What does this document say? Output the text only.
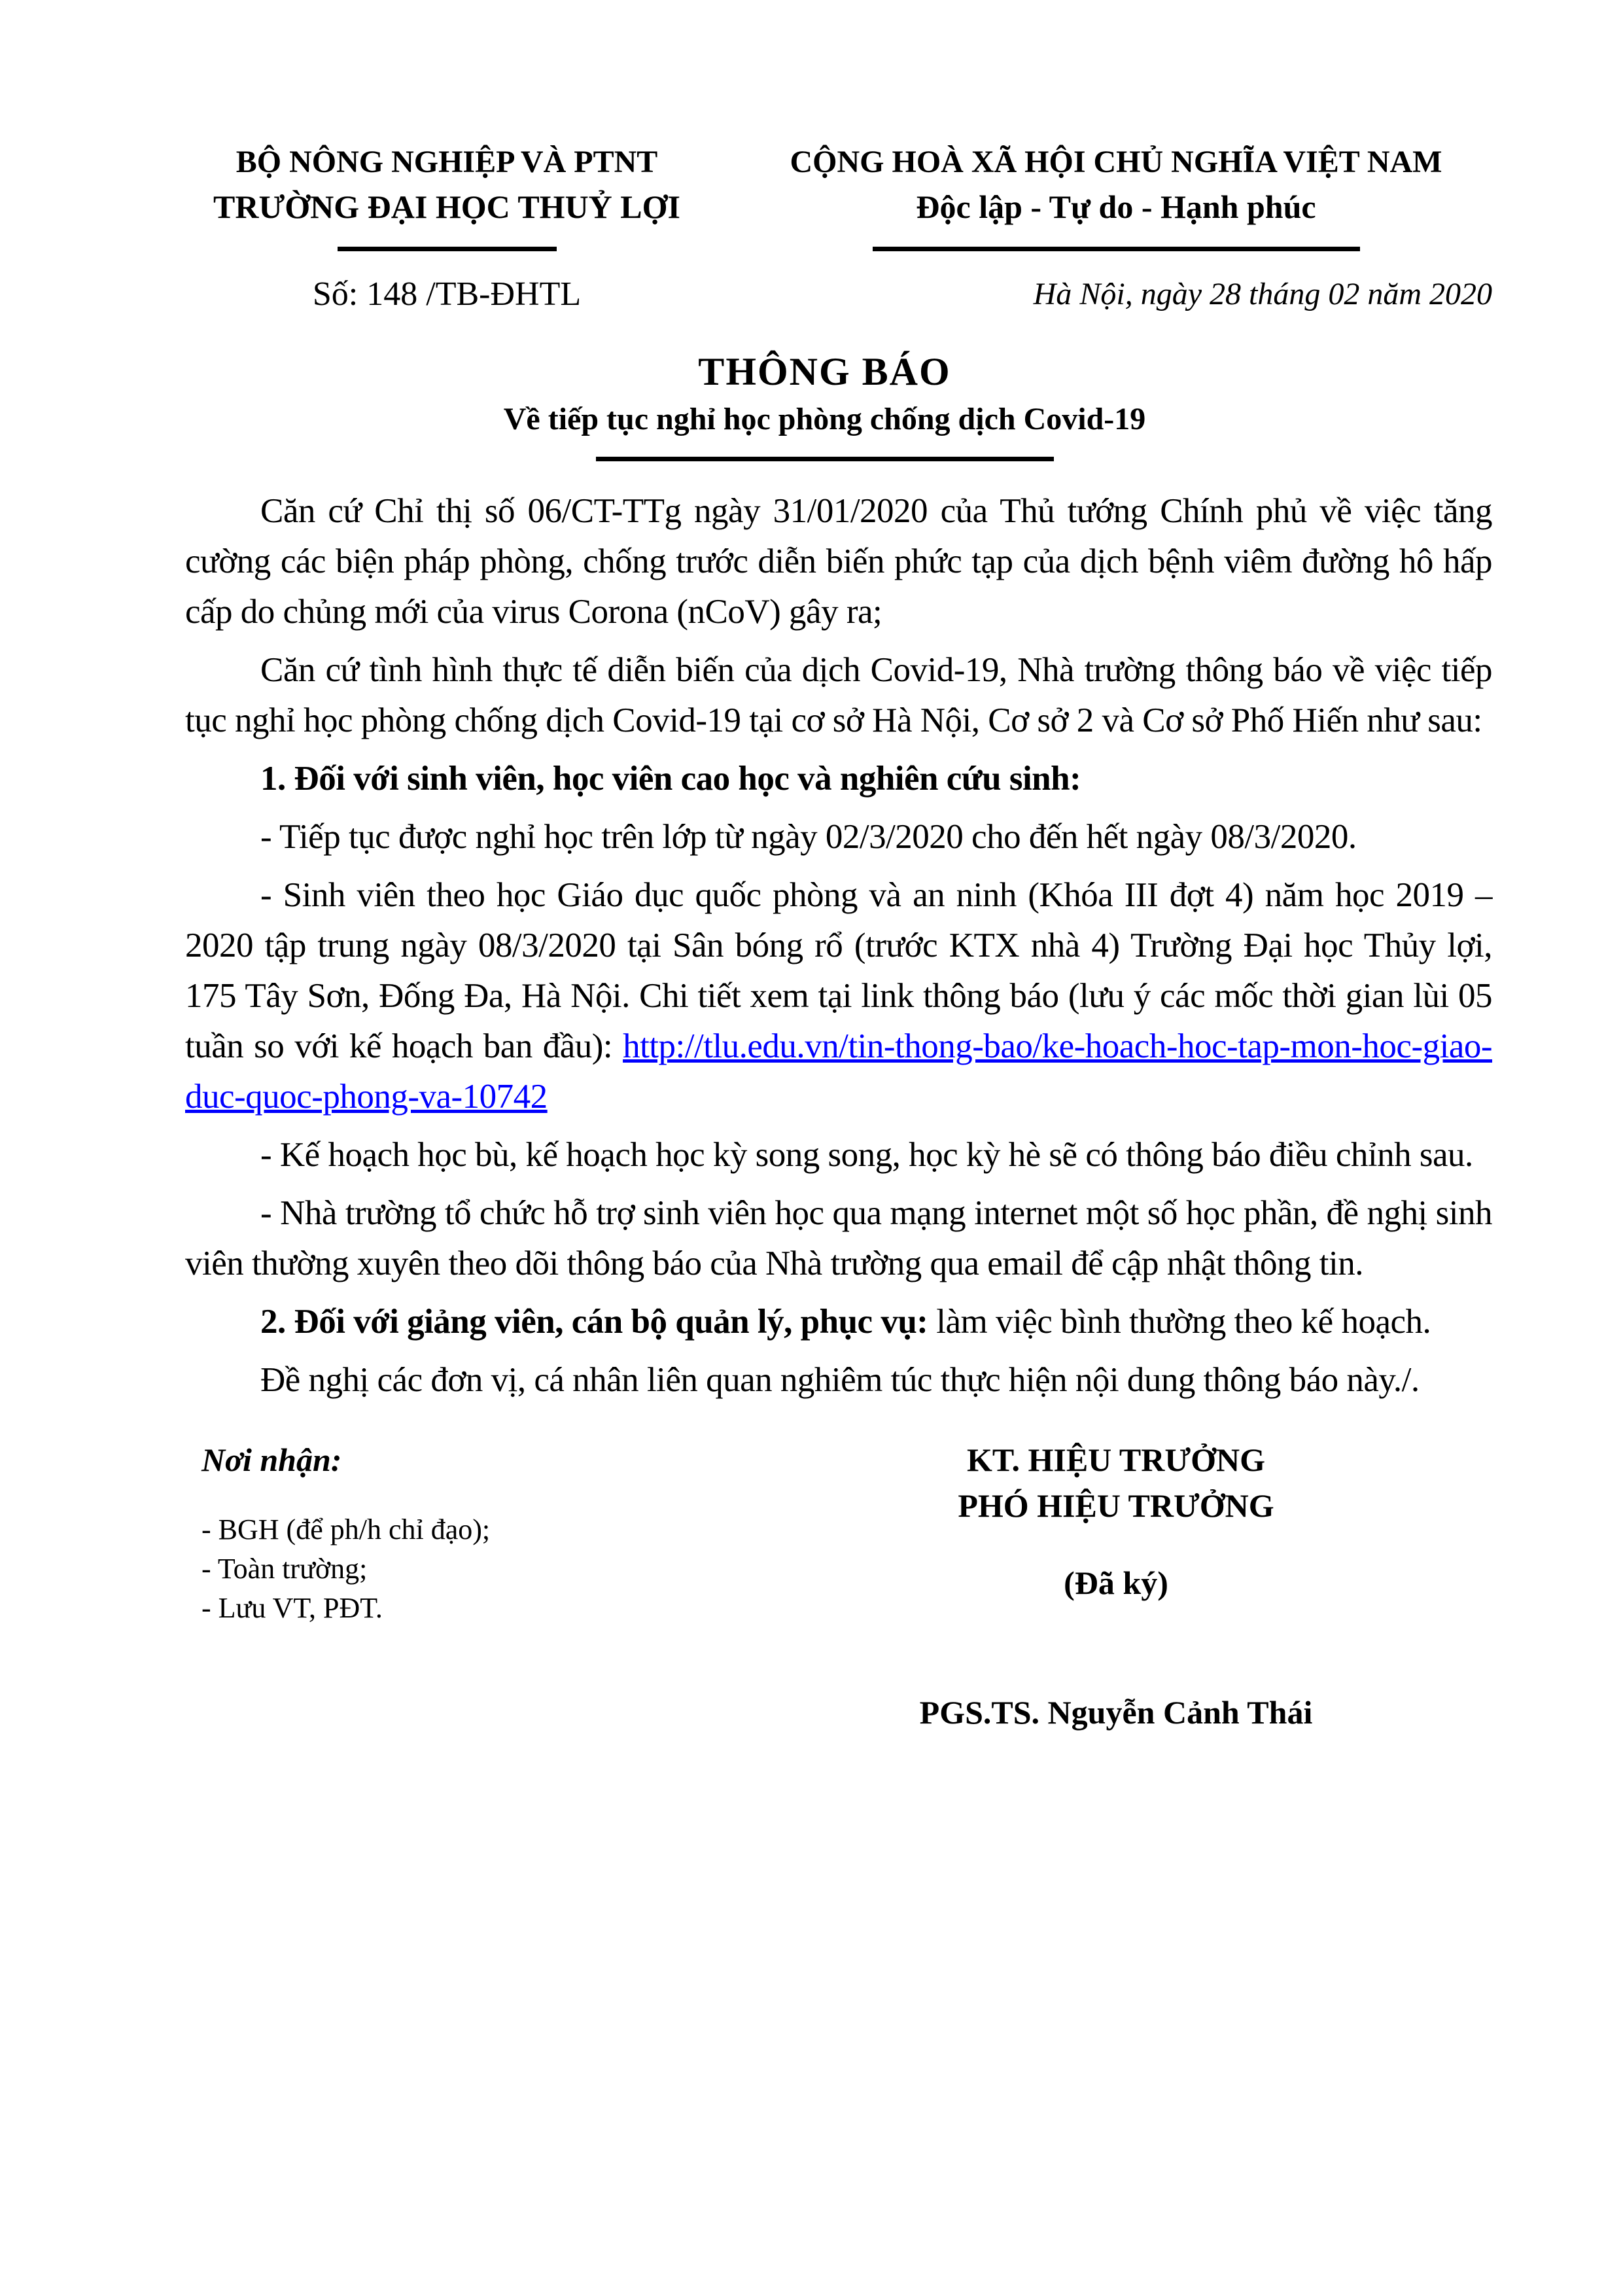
BỘ NÔNG NGHIỆP VÀ PTNT
TRƯỜNG ĐẠI HỌC THUỶ LỢI
Số: 148 /TB-ĐHTL
CỘNG HOÀ XÃ HỘI CHỦ NGHĨA VIỆT NAM
Độc lập - Tự do - Hạnh phúc
Hà Nội, ngày 28 tháng 02 năm 2020
THÔNG BÁO
Về tiếp tục nghỉ học phòng chống dịch Covid-19

Căn cứ Chỉ thị số 06/CT-TTg ngày 31/01/2020 của Thủ tướng Chính phủ về việc tăng cường các biện pháp phòng, chống trước diễn biến phức tạp của dịch bệnh viêm đường hô hấp cấp do chủng mới của virus Corona (nCoV) gây ra;

Căn cứ tình hình thực tế diễn biến của dịch Covid-19, Nhà trường thông báo về việc tiếp tục nghỉ học phòng chống dịch Covid-19 tại cơ sở Hà Nội, Cơ sở 2 và Cơ sở Phố Hiến như sau:

1. Đối với sinh viên, học viên cao học và nghiên cứu sinh:

- Tiếp tục được nghỉ học trên lớp từ ngày 02/3/2020 cho đến hết ngày 08/3/2020.

- Sinh viên theo học Giáo dục quốc phòng và an ninh (Khóa III đợt 4) năm học 2019 – 2020 tập trung ngày 08/3/2020 tại Sân bóng rổ (trước KTX nhà 4) Trường Đại học Thủy lợi, 175 Tây Sơn, Đống Đa, Hà Nội. Chi tiết xem tại link thông báo (lưu ý các mốc thời gian lùi 05 tuần so với kế hoạch ban đầu): http://tlu.edu.vn/tin-thong-bao/ke-hoach-hoc-tap-mon-hoc-giao-duc-quoc-phong-va-10742

- Kế hoạch học bù, kế hoạch học kỳ song song, học kỳ hè sẽ có thông báo điều chỉnh sau.

- Nhà trường tổ chức hỗ trợ sinh viên học qua mạng internet một số học phần, đề nghị sinh viên thường xuyên theo dõi thông báo của Nhà trường qua email để cập nhật thông tin.

2. Đối với giảng viên, cán bộ quản lý, phục vụ: làm việc bình thường theo kế hoạch.

Đề nghị các đơn vị, cá nhân liên quan nghiêm túc thực hiện nội dung thông báo này./.

Nơi nhận:
- BGH (để ph/h chỉ đạo);
- Toàn trường;
- Lưu VT, PĐT.
KT. HIỆU TRƯỞNG
PHÓ HIỆU TRƯỞNG
(Đã ký)
PGS.TS. Nguyễn Cảnh Thái
